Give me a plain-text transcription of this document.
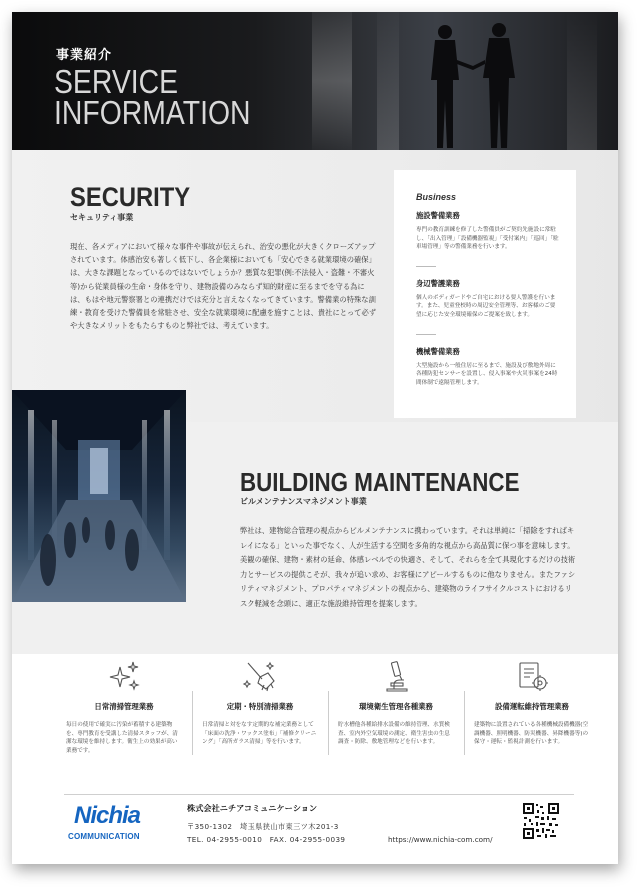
事業紹介
SERVICE
INFORMATION
SECURITY
セキュリティ事業
現在、各メディアにおいて様々な事件や事故が伝えられ、治安の悪化が大きくクローズアップされています。体感治安も著しく低下し、各企業様においても「安心できる就業環境の確保」は、大きな課題となっているのではないでしょうか？悪質な犯罪(例:不法侵入・盗難・不審火等)から従業員様の生命・身体を守り、建物設備のみならず知的財産に至るまでを守る為には、もはや地元警察署との連携だけでは充分と言えなくなってきています。警備業の特殊な訓練・教育を受けた警備員を常駐させ、安全な就業環境に配慮を施すことは、貴社にとって必ずや大きなメリットをもたらすものと弊社では、考えています。
Business
施設警備業務
専門の教育訓練を修了した警備員がご契約先施設に常駐し、「出入管理」「設備機器監視」「受付案内」「巡回」「駐車場管理」等の警備業務を行います。
身辺警護業務
個人のボディガードやご自宅における要人警護を行います。また、児童登校時の周辺安全管理等、お客様のご要望に応じた安全環境確保のご提案を致します。
機械警備業務
大型施設から一般住居に至るまで、施設及び敷地外周に各種防犯センサーを設置し、侵入事案や火災事案を24時間体制で遠隔管理します。
BUILDING MAINTENANCE
ビルメンテナンスマネジメント事業
弊社は、建物総合管理の視点からビルメンテナンスに携わっています。それは単純に「掃除をすればキレイになる」といった事でなく、人が生活する空間を多角的な視点から高品質に保つ事を意味します。美観の確保、建物・素材の延命、体感レベルでの快適さ、そして、それらを全て具現化するだけの技術力とサービスの提供こそが、我々が追い求め、お客様にアピールするものに他なりません。またファシリティマネジメント、プロパティマネジメントの視点から、建築物のライフサイクルコストにおけるリスク軽減を念頭に、適正な施設維持管理を提案します。
日常清掃管理業務
毎日の使用で確実に汚染が蓄積する建築物を、専門教育を受講した清掃スタッフが、清潔な環境を維持します。衛生上の効果が高い業務です。
定期・特別清掃業務
日常清掃と対をなす定期的な補完業務として「床面の洗浄・ワックス塗布」「補修クリーニング」「高所ガラス清掃」等を行います。
環境衛生管理各種業務
貯水槽他各種給排水設備の維持管理、水質検査、室内外空気環境の測定、衛生害虫の生息調査・防除、敷地管理などを行います。
設備運転維持管理業務
建築物に設置されている各種機械設備機器(空調機器、照明機器、防災機器、昇降機器等)の保守・運転・監視計測を行います。
Nichia
COMMUNICATION
株式会社ニチアコミュニケーション
〒350-1302　埼玉県狭山市東三ツ木201-3
TEL. 04-2955-0010　FAX. 04-2955-0039	https://www.nichia-com.com/
